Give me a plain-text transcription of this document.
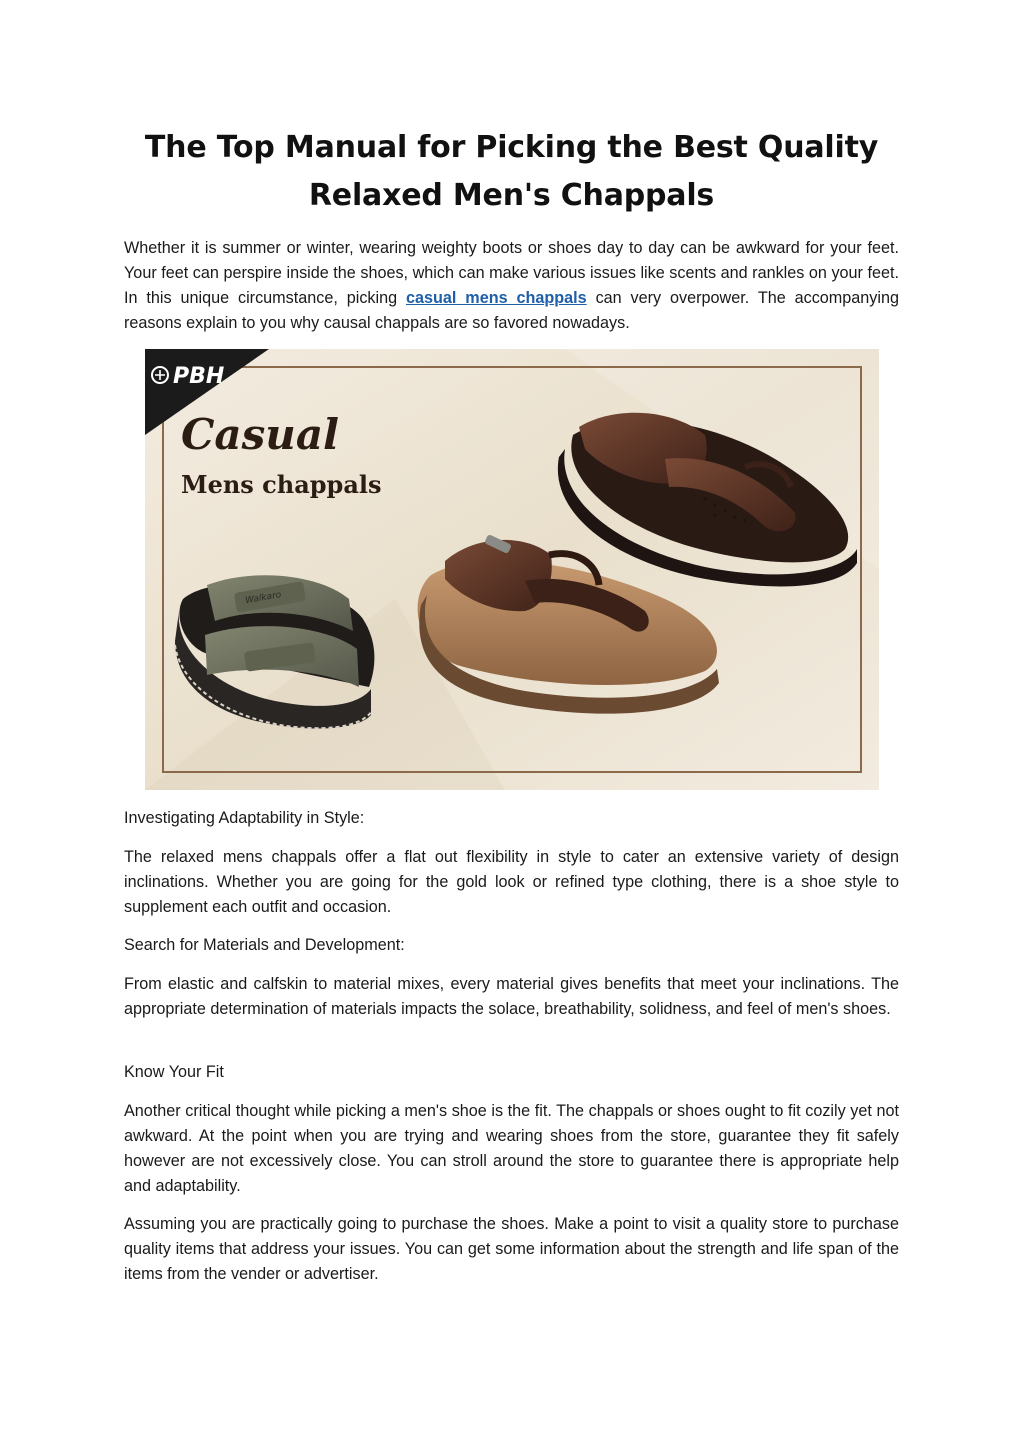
The Top Manual for Picking the Best Quality Relaxed Men's Chappals

Whether it is summer or winter, wearing weighty boots or shoes day to day can be awkward for your feet. Your feet can perspire inside the shoes, which can make various issues like scents and rankles on your feet. In this unique circumstance, picking casual mens chappals can very overpower. The accompanying reasons explain to you why causal chappals are so favored nowadays.

PBH
Casual
Mens chappals
Walkaro

Investigating Adaptability in Style:

The relaxed mens chappals offer a flat out flexibility in style to cater an extensive variety of design inclinations. Whether you are going for the gold look or refined type clothing, there is a shoe style to supplement each outfit and occasion.

Search for Materials and Development:

From elastic and calfskin to material mixes, every material gives benefits that meet your inclinations. The appropriate determination of materials impacts the solace, breathability, solidness, and feel of men's shoes.

Know Your Fit

Another critical thought while picking a men's shoe is the fit. The chappals or shoes ought to fit cozily yet not awkward. At the point when you are trying and wearing shoes from the store, guarantee they fit safely however are not excessively close. You can stroll around the store to guarantee there is appropriate help and adaptability.

Assuming you are practically going to purchase the shoes. Make a point to visit a quality store to purchase quality items that address your issues. You can get some information about the strength and life span of the items from the vender or advertiser.
